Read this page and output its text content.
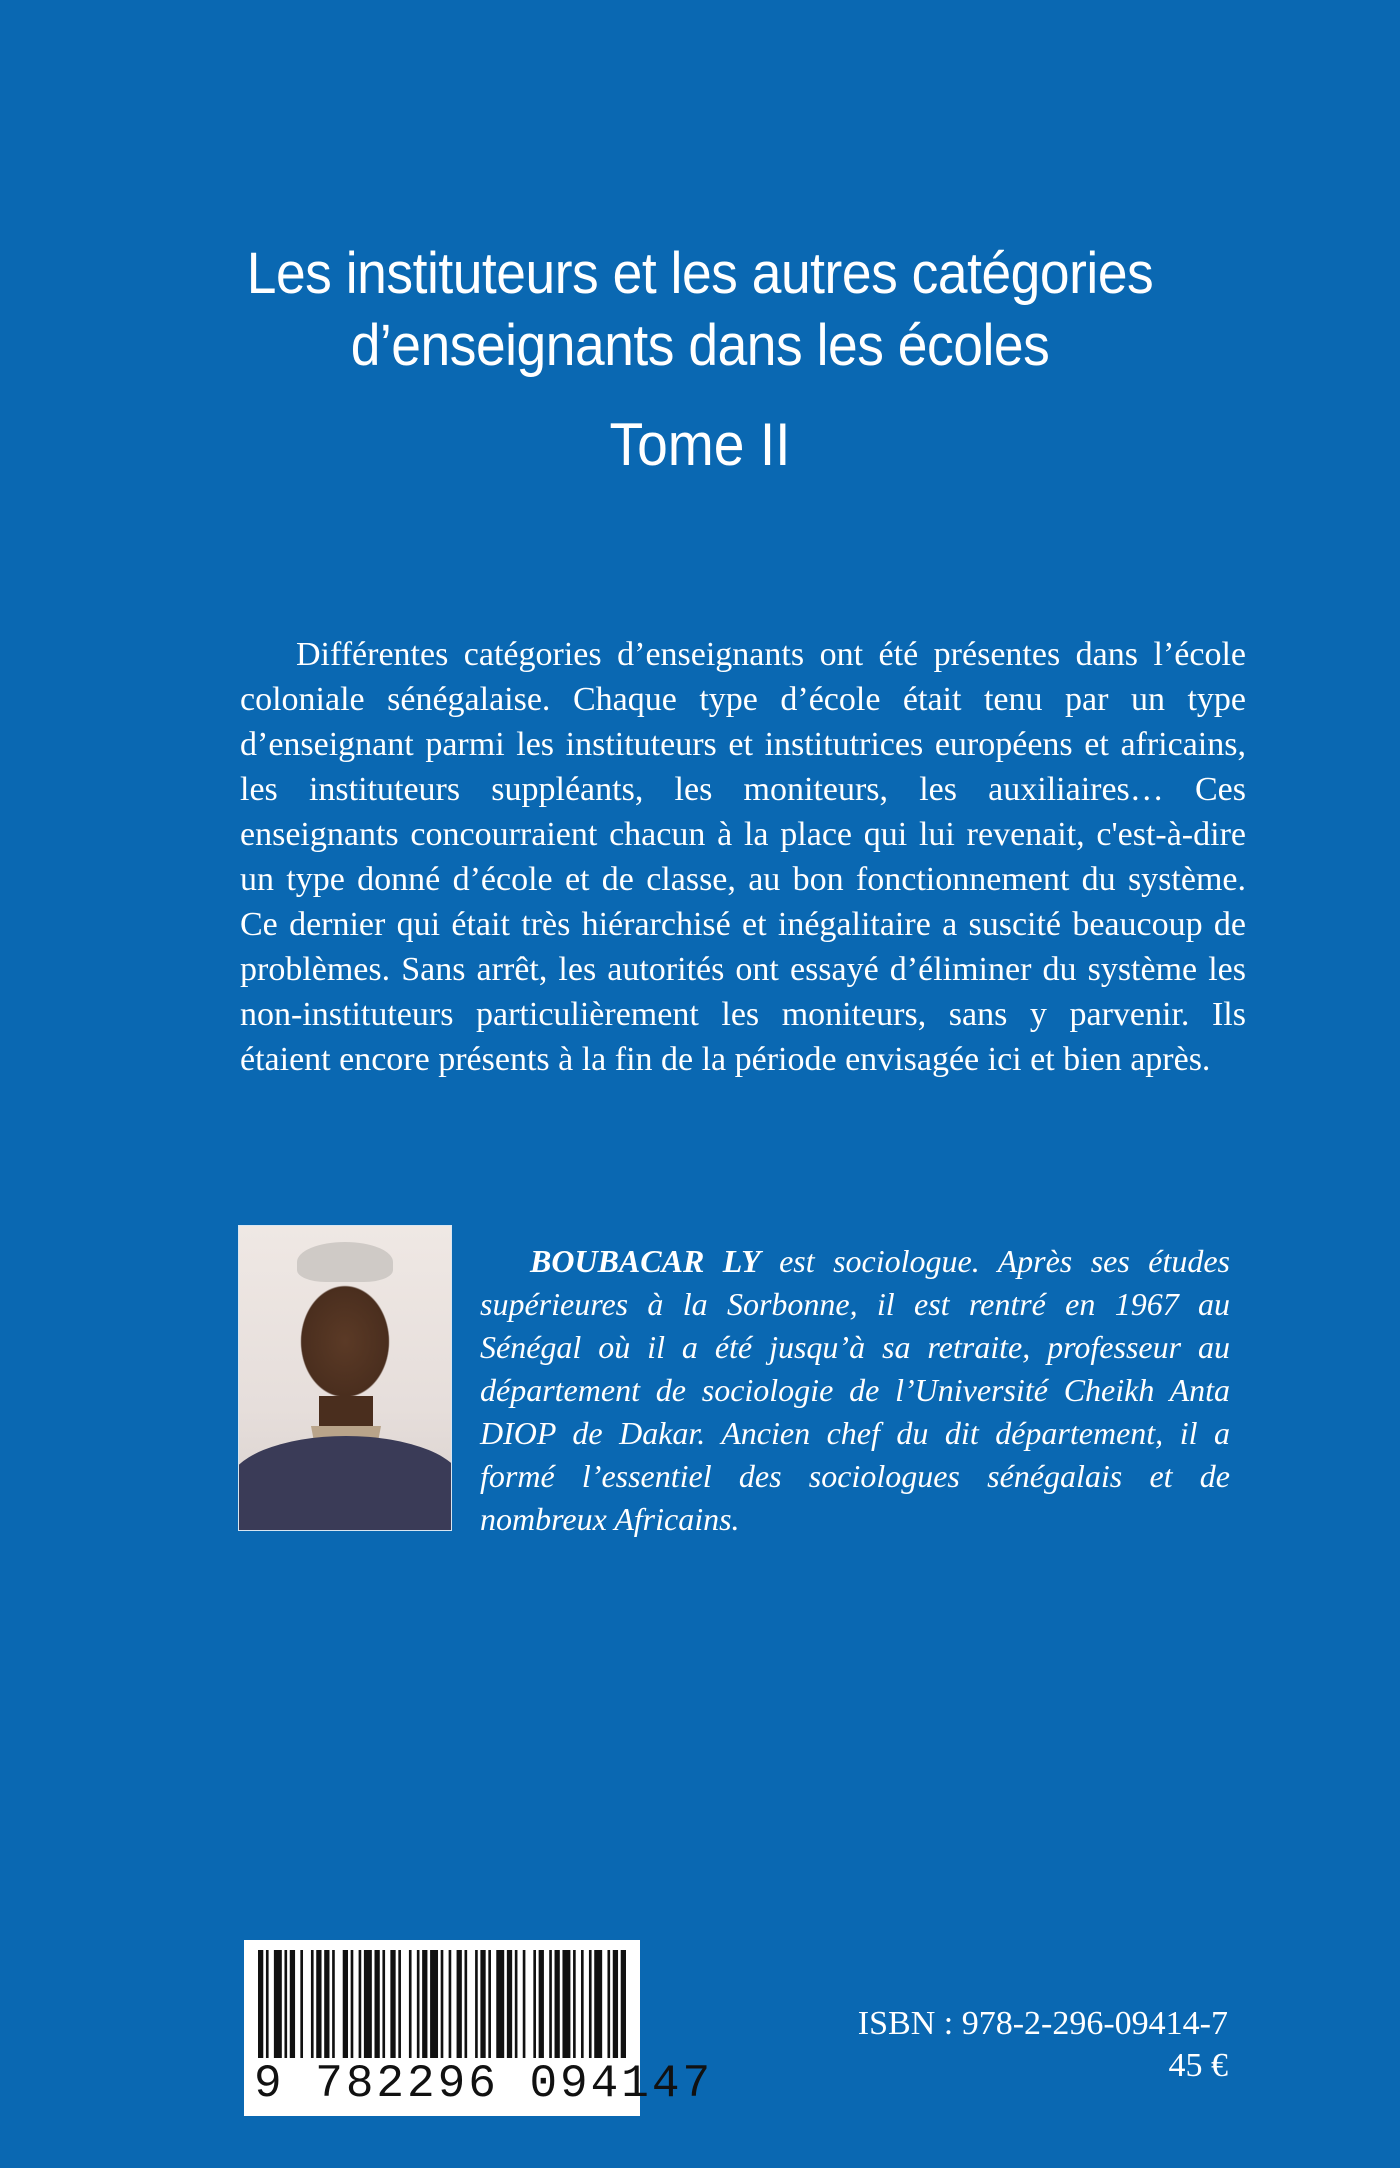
Les instituteurs et les autres catégories
d’enseignants dans les écoles
Tome II

Différentes catégories d’enseignants ont été présentes dans l’école coloniale sénégalaise. Chaque type d’école était tenu par un type d’enseignant parmi les instituteurs et institutrices européens et africains, les instituteurs suppléants, les moniteurs, les auxiliaires… Ces enseignants concourraient chacun à la place qui lui revenait, c'est-à-dire un type donné d’école et de classe, au bon fonctionnement du système. Ce dernier qui était très hiérarchisé et inégalitaire a suscité beaucoup de problèmes. Sans arrêt, les autorités ont essayé d’éliminer du système les non-instituteurs particulièrement les moniteurs, sans y parvenir. Ils étaient encore présents à la fin de la période envisagée ici et bien après.

BOUBACAR LY est sociologue. Après ses études supérieures à la Sorbonne, il est rentré en 1967 au Sénégal où il a été jusqu’à sa retraite, professeur au département de sociologie de l’Université Cheikh Anta DIOP de Dakar. Ancien chef du dit département, il a formé l’essentiel des sociologues sénégalais et de nombreux Africains.

9 782296 094147
ISBN : 978-2-296-09414-7
45 €
